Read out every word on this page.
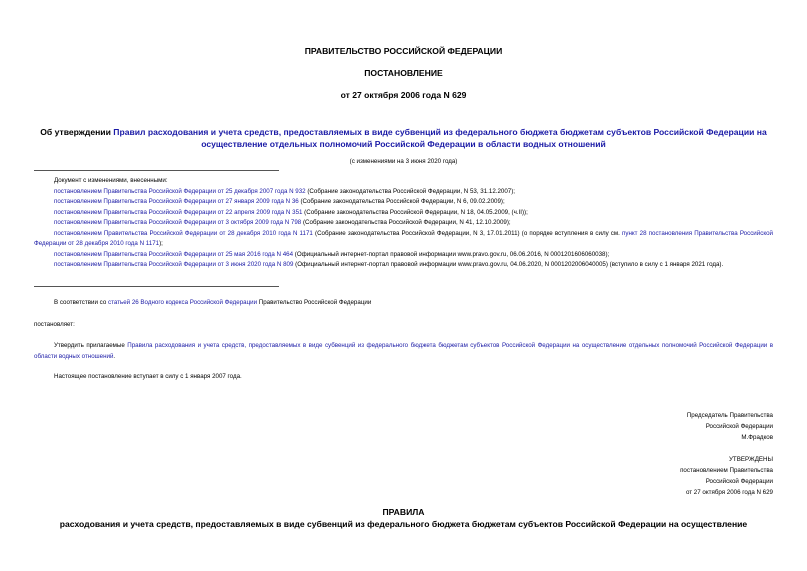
ПРАВИТЕЛЬСТВО РОССИЙСКОЙ ФЕДЕРАЦИИ
ПОСТАНОВЛЕНИЕ
от 27 октября 2006 года N 629
Об утверждении Правил расходования и учета средств, предоставляемых в виде субвенций из федерального бюджета бюджетам субъектов Российской Федерации на осуществление отдельных полномочий Российской Федерации в области водных отношений
(с изменениями на 3 июня 2020 года)
Документ с изменениями, внесенными:
постановлением Правительства Российской Федерации от 25 декабря 2007 года N 932 (Собрание законодательства Российской Федерации, N 53, 31.12.2007);
постановлением Правительства Российской Федерации от 27 января 2009 года N 36 (Собрание законодательства Российской Федерации, N 6, 09.02.2009);
постановлением Правительства Российской Федерации от 22 апреля 2009 года N 351 (Собрание законодательства Российской Федерации, N 18, 04.05.2009, (ч.II));
постановлением Правительства Российской Федерации от 3 октября 2009 года N 798 (Собрание законодательства Российской Федерации, N 41, 12.10.2009);
постановлением Правительства Российской Федерации от 28 декабря 2010 года N 1171 (Собрание законодательства Российской Федерации, N 3, 17.01.2011) (о порядке вступления в силу см. пункт 28 постановления Правительства Российской Федерации от 28 декабря 2010 года N 1171);
постановлением Правительства Российской Федерации от 25 мая 2016 года N 464 (Официальный интернет-портал правовой информации www.pravo.gov.ru, 06.06.2016, N 0001201606060038);
постановлением Правительства Российской Федерации от 3 июня 2020 года N 809 (Официальный интернет-портал правовой информации www.pravo.gov.ru, 04.06.2020, N 0001202006040005) (вступило в силу с 1 января 2021 года).
В соответствии со статьей 26 Водного кодекса Российской Федерации Правительство Российской Федерации
постановляет:
Утвердить прилагаемые Правила расходования и учета средств, предоставляемых в виде субвенций из федерального бюджета бюджетам субъектов Российской Федерации на осуществление отдельных полномочий Российской Федерации в области водных отношений.
Настоящее постановление вступает в силу с 1 января 2007 года.
Председатель Правительства
Российской Федерации
М.Фрадков
УТВЕРЖДЕНЫ
постановлением Правительства
Российской Федерации
от 27 октября 2006 года N 629
ПРАВИЛА
расходования и учета средств, предоставляемых в виде субвенций из федерального бюджета бюджетам субъектов Российской Федерации на осуществление
